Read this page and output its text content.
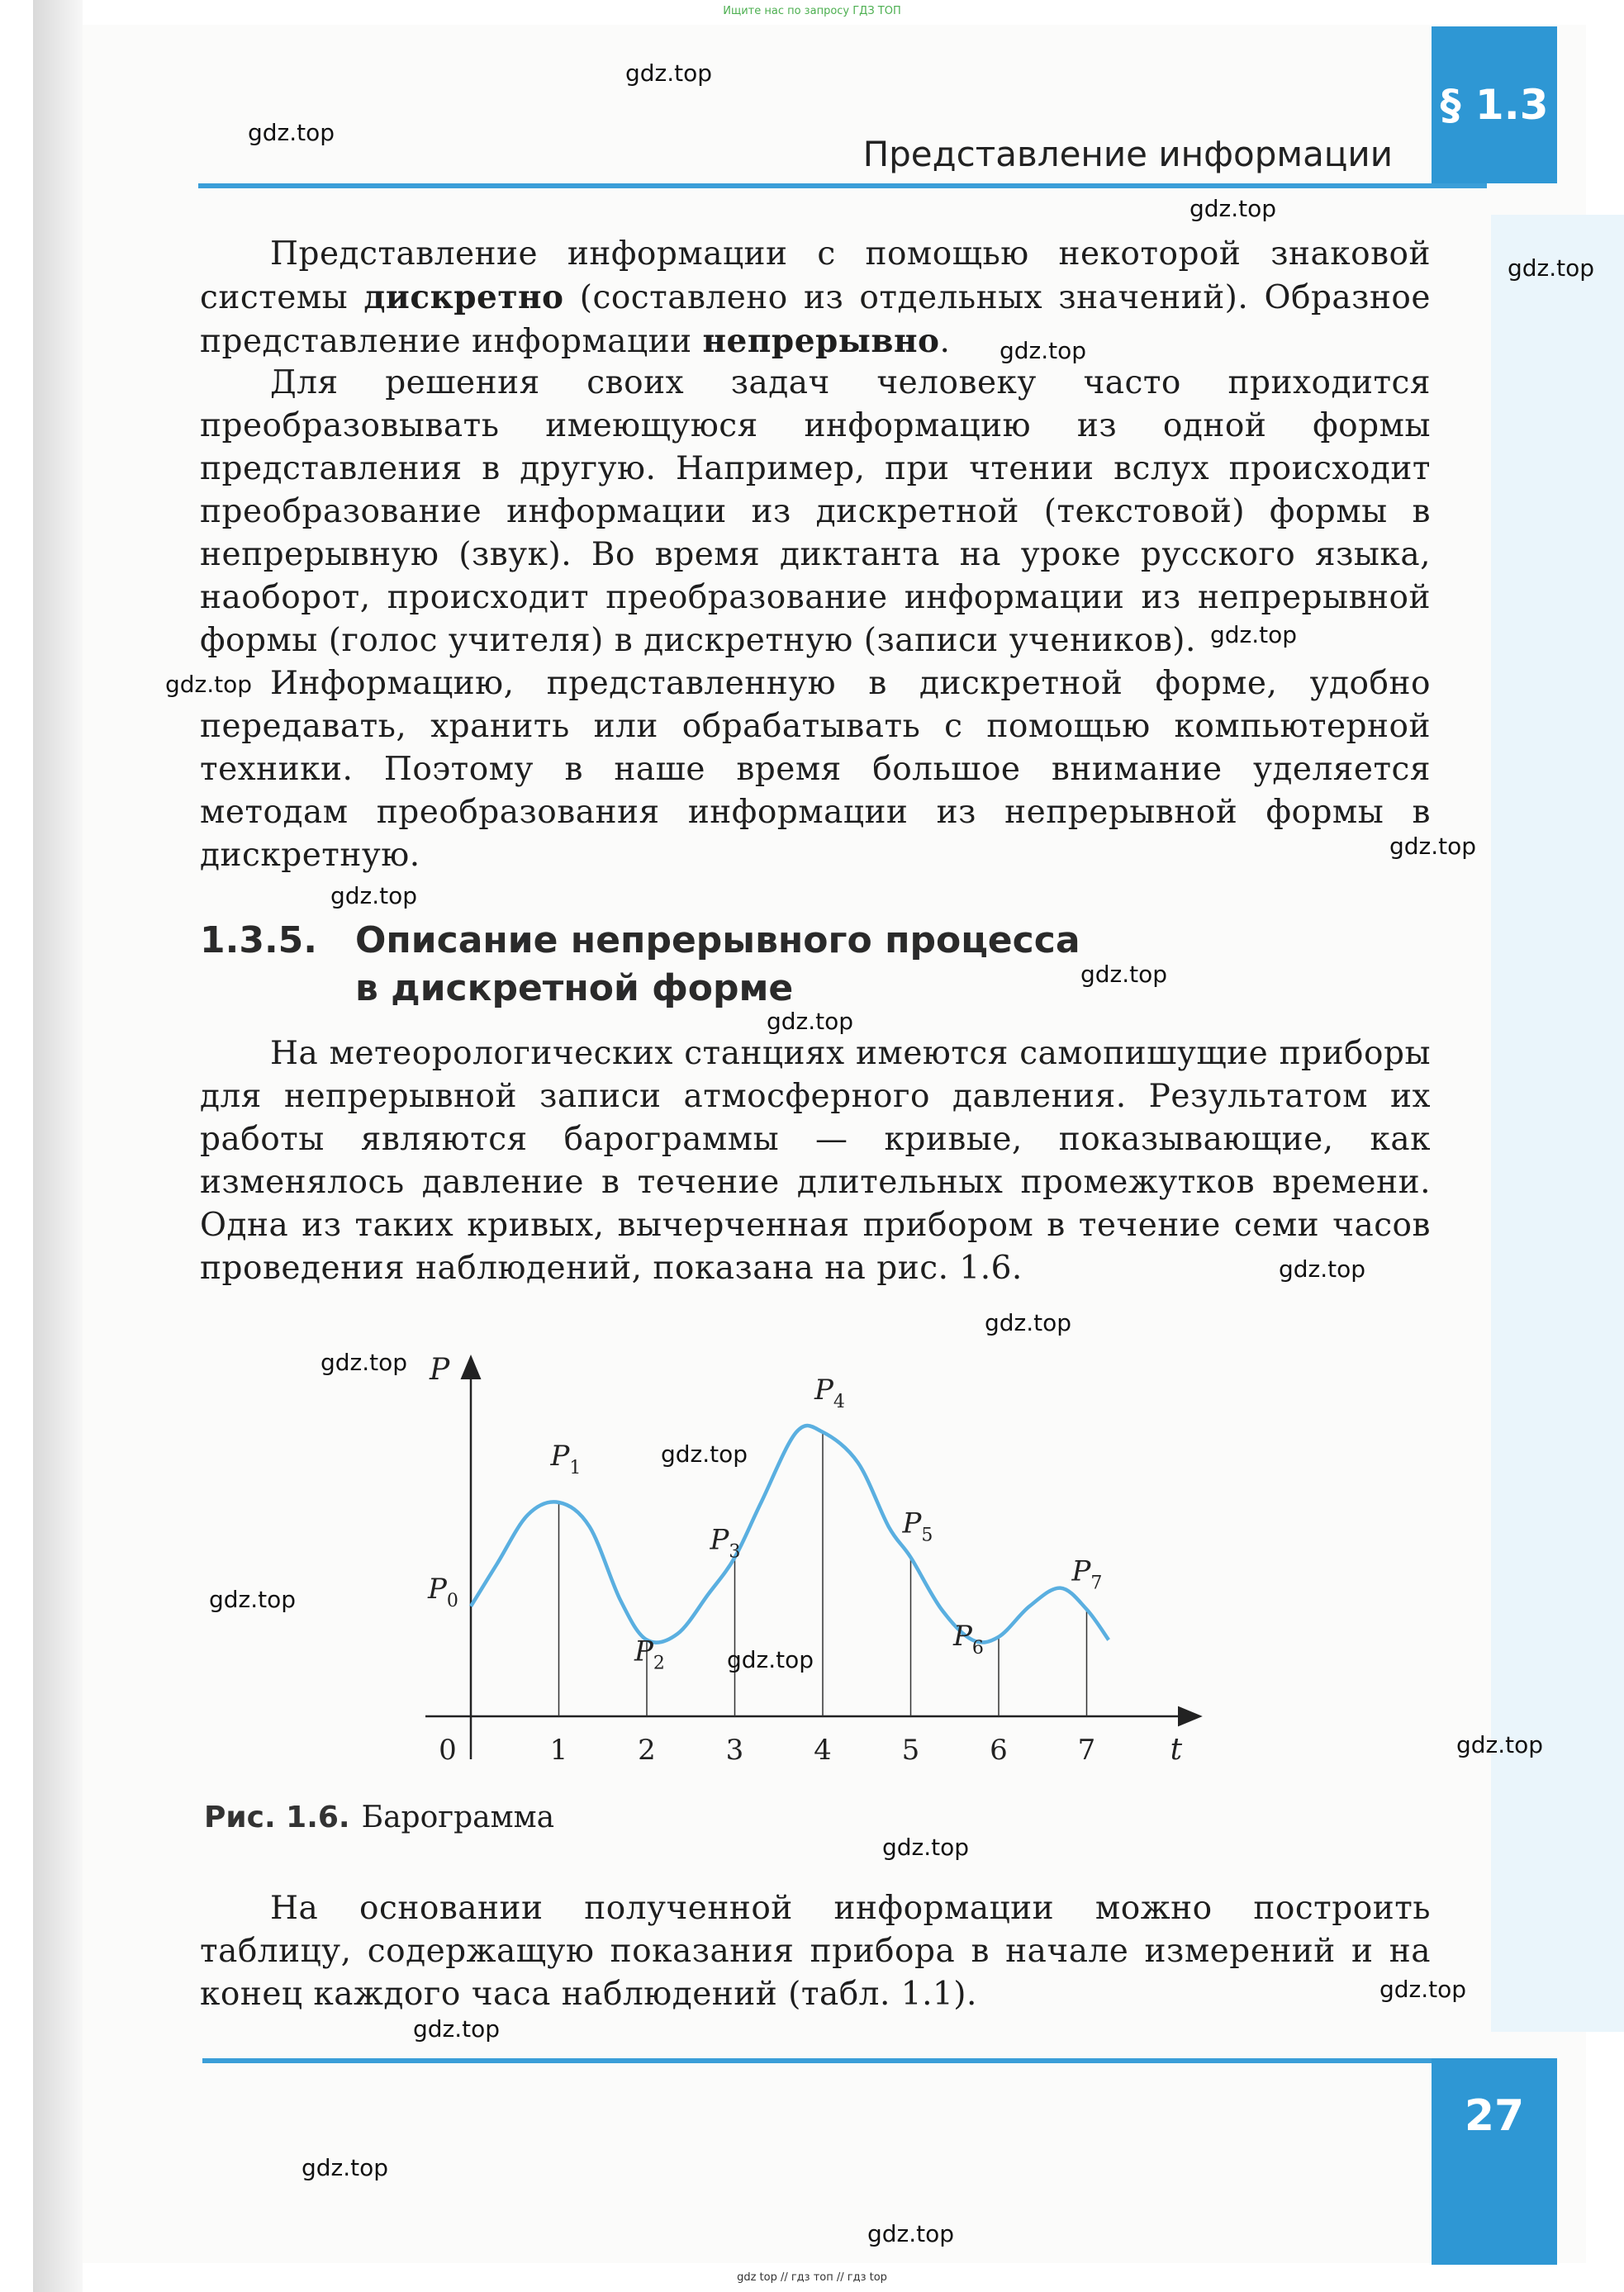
Ищите нас по запросу ГДЗ ТОП
§ 1.3
Представление информации

Представление информации с помощью некоторой знаковой системы дискретно (составлено из отдельных значений). Образное представление информации непрерывно.

Для решения своих задач человеку часто приходится преобразовывать имеющуюся информацию из одной формы представления в другую. Например, при чтении вслух происходит преобразование информации из дискретной (текстовой) формы в непрерывную (звук). Во время диктанта на уроке русского языка, наоборот, происходит преобразование информации из непрерывной формы (голос учителя) в дискретную (записи учеников).

Информацию, представленную в дискретной форме, удобно передавать, хранить или обрабатывать с помощью компьютерной техники. Поэтому в наше время большое внимание уделяется методам преобразования информации из непрерывной формы в дискретную.

1.3.5. Описание непрерывного процесса
в дискретной форме

На метеорологических станциях имеются самопишущие приборы для непрерывной записи атмосферного давления. Результатом их работы являются барограммы — кривые, показывающие, как изменялось давление в течение длительных промежутков времени. Одна из таких кривых, вычерченная прибором в течение семи часов проведения наблюдений, показана на рис. 1.6.

P
t
0	1 2 3 4 5 6 7
$P_0$
$P_1$
$P_2$
$P_3$
$P_4$
$P_5$
$P_6$
$P_7$
Рис. 1.6. Барограмма

На основании полученной информации можно построить таблицу, содержащую показания прибора в начале измерений и на конец каждого часа наблюдений (табл. 1.1).

27
gdz.top
gdz.top
gdz.top
gdz.top
gdz.top
gdz.top
gdz.top
gdz.top
gdz.top
gdz.top
gdz.top
gdz.top
gdz.top
gdz.top
gdz.top
gdz.top
gdz.top
gdz.top
gdz.top
gdz.top
gdz.top
gdz.top
gdz.top
gdz top // гдз топ // гдз top
